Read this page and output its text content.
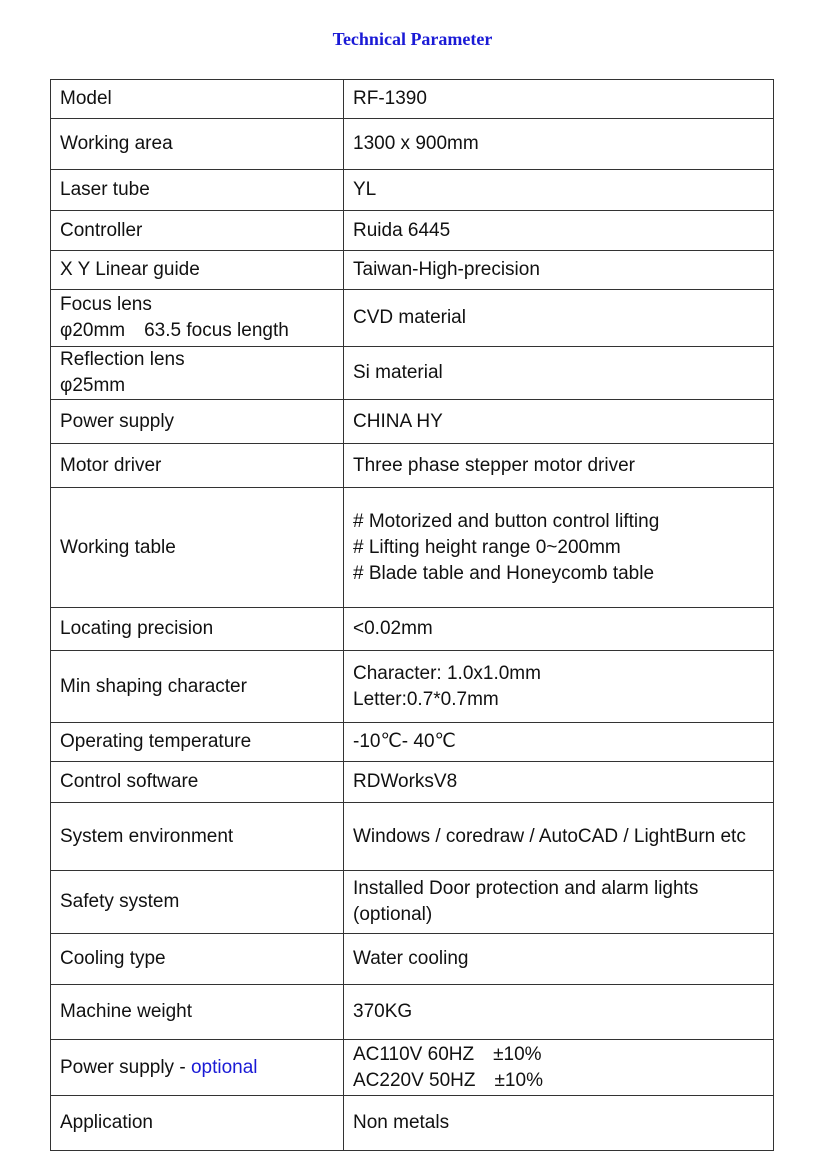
Technical Parameter
Model	RF-1390
Working area	1300 x 900mm
Laser tube	YL
Controller	Ruida 6445
X Y Linear guide	Taiwan-High-precision

Focus lens
φ20mm　63.5 focus length	CVD material

Reflection lens
φ25mm	Si material
Power supply	CHINA HY
Motor driver	Three phase stepper motor driver
Working table	# Motorized and button control lifting
# Lifting height range 0~200mm
# Blade table and Honeycomb table

Locating precision	<0.02mm
Min shaping character	Character: 1.0x1.0mm
Letter:0.7*0.7mm

Operating temperature	-10℃- 40℃
Control software	RDWorksV8
System environment	Windows / coredraw / AutoCAD / LightBurn etc
Safety system	Installed Door protection and alarm lights (optional)
Cooling type	Water cooling
Machine weight	370KG
Power supply - optional	AC110V 60HZ　±10%
AC220V 50HZ　±10%

Application	Non metals
